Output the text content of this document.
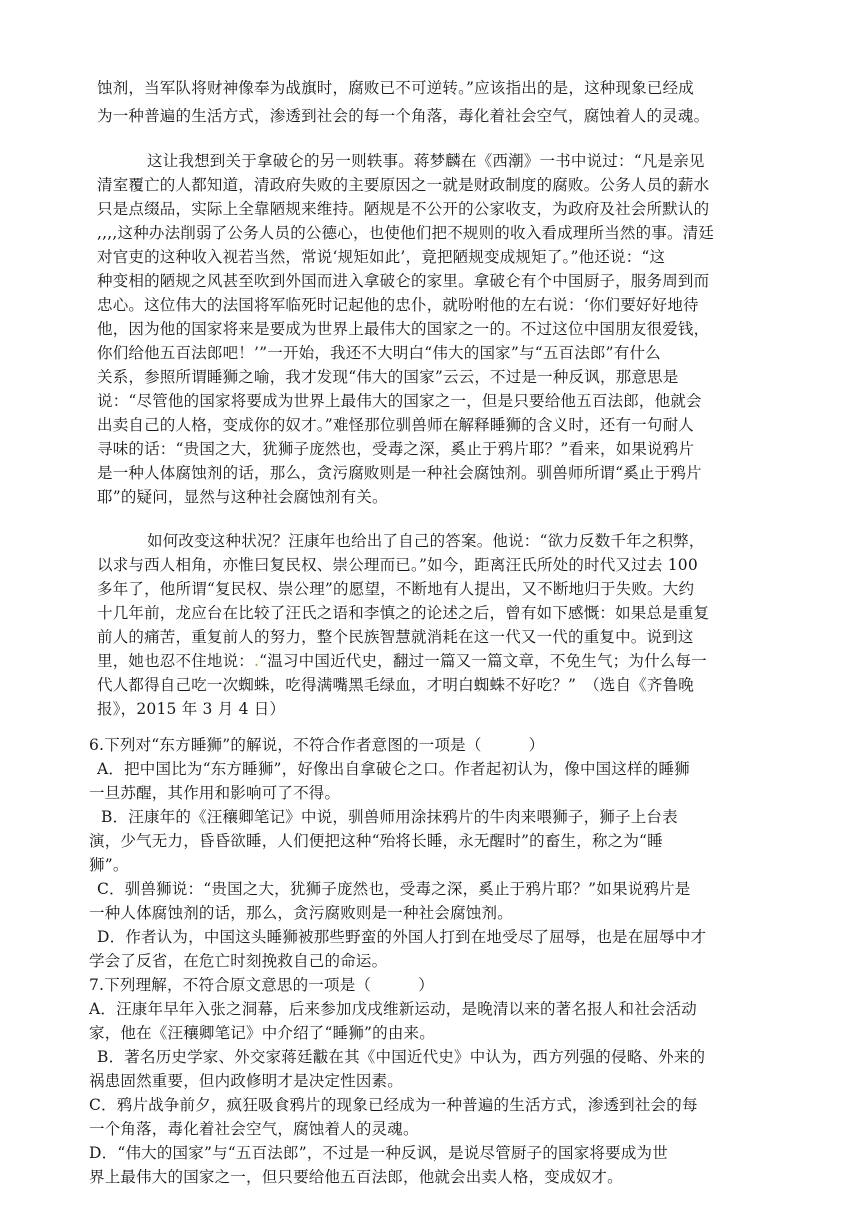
蚀剂，当军队将财神像奉为战旗时，腐败已不可逆转。”应该指出的是，这种现象已经成
为一种普遍的生活方式，渗透到社会的每一个角落，毒化着社会空气，腐蚀着人的灵魂。
这让我想到关于拿破仑的另一则轶事。蒋梦麟在《西潮》一书中说过：“凡是亲见
清室覆亡的人都知道，清政府失败的主要原因之一就是财政制度的腐败。公务人员的薪水
只是点缀品，实际上全靠陋规来维持。陋规是不公开的公家收支，为政府及社会所默认的
,,,,这种办法削弱了公务人员的公德心，也使他们把不规则的收入看成理所当然的事。清廷
对官吏的这种收入视若当然，常说‘规矩如此’，竟把陋规变成规矩了。”他还说：“这
种变相的陋规之风甚至吹到外国而进入拿破仑的家里。拿破仑有个中国厨子，服务周到而
忠心。这位伟大的法国将军临死时记起他的忠仆，就吩咐他的左右说：‘你们要好好地待
他，因为他的国家将来是要成为世界上最伟大的国家之一的。不过这位中国朋友很爱钱，
你们给他五百法郎吧！’”一开始，我还不大明白“伟大的国家”与“五百法郎”有什么
关系，参照所谓睡狮之喻，我才发现“伟大的国家”云云，不过是一种反讽，那意思是
说：“尽管他的国家将要成为世界上最伟大的国家之一，但是只要给他五百法郎，他就会
出卖自己的人格，变成你的奴才。”难怪那位驯兽师在解释睡狮的含义时，还有一句耐人
寻味的话：“贵国之大，犹狮子庞然也，受毒之深，奚止于鸦片耶？”看来，如果说鸦片
是一种人体腐蚀剂的话，那么，贪污腐败则是一种社会腐蚀剂。驯兽师所谓“奚止于鸦片
耶”的疑问，显然与这种社会腐蚀剂有关。
如何改变这种状况？汪康年也给出了自己的答案。他说：“欲力反数千年之积弊，
以求与西人相角，亦惟曰复民权、崇公理而已。”如今，距离汪氏所处的时代又过去 100
多年了，他所谓“复民权、崇公理”的愿望，不断地有人提出，又不断地归于失败。大约
十几年前，龙应台在比较了汪氏之语和李慎之的论述之后，曾有如下感慨：如果总是重复
前人的痛苦，重复前人的努力，整个民族智慧就消耗在这一代又一代的重复中。说到这
里，她也忍不住地说：.“温习中国近代史，翻过一篇又一篇文章，不免生气；为什么每一
代人都得自己吃一次蜘蛛，吃得满嘴黑毛绿血，才明白蜘蛛不好吃？”　（选自《齐鲁晚
报》，2015 年 3 月 4 日）
6.下列对“东方睡狮”的解说，不符合作者意图的一项是（　　　）
A．把中国比为“东方睡狮”，好像出自拿破仑之口。作者起初认为，像中国这样的睡狮
一旦苏醒，其作用和影响可了不得。
B．汪康年的《汪穰卿笔记》中说，驯兽师用涂抹鸦片的牛肉来喂狮子，狮子上台表
演，少气无力，昏昏欲睡，人们便把这种“殆将长睡，永无醒时”的畜生，称之为“睡
狮”。
C．驯兽狮说：“贵国之大，犹狮子庞然也，受毒之深，奚止于鸦片耶？”如果说鸦片是
一种人体腐蚀剂的话，那么，贪污腐败则是一种社会腐蚀剂。
D．作者认为，中国这头睡狮被那些野蛮的外国人打到在地受尽了屈辱，也是在屈辱中才
学会了反省，在危亡时刻挽救自己的命运。
7.下列理解，不符合原文意思的一项是（　　　）
A．汪康年早年入张之洞幕，后来参加戊戌维新运动，是晚清以来的著名报人和社会活动
家，他在《汪穰卿笔记》中介绍了“睡狮”的由来。
B．著名历史学家、外交家蒋廷黻在其《中国近代史》中认为，西方列强的侵略、外来的
祸患固然重要，但内政修明才是决定性因素。
C．鸦片战争前夕，疯狂吸食鸦片的现象已经成为一种普遍的生活方式，渗透到社会的每
一个角落，毒化着社会空气，腐蚀着人的灵魂。
D．“伟大的国家”与“五百法郎”，不过是一种反讽，是说尽管厨子的国家将要成为世
界上最伟大的国家之一，但只要给他五百法郎，他就会出卖人格，变成奴才。
